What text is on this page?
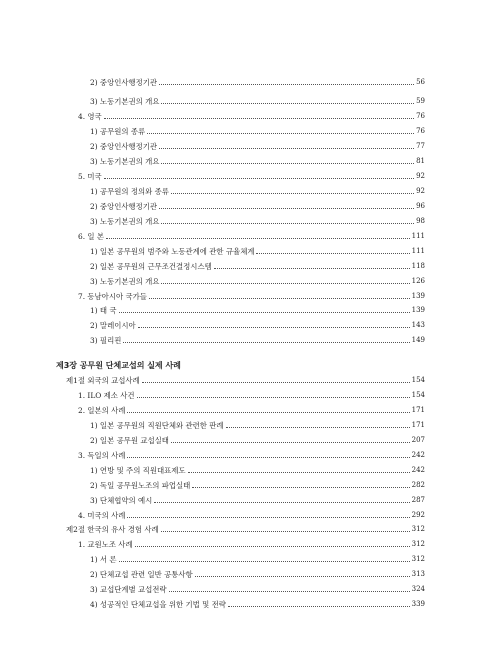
2) 중앙인사행정기관	56
3) 노동기본권의 개요	59
4. 영국	76
1) 공무원의 종류	76
2) 중앙인사행정기관	77
3) 노동기본권의 개요	81
5. 미국	92
1) 공무원의 정의와 종류	92
2) 중앙인사행정기관	96
3) 노동기본권의 개요	98
6. 일 본	111
1) 일본 공무원의 범주와 노동관계에 관한 규율체계	111
2) 일본 공무원의 근무조건결정시스템	118
3) 노동기본권의 개요	126
7. 동남아시아 국가들	139
1) 태 국	139
2) 말레이시아	143
3) 필리핀	149
제3장 공무원 단체교섭의 실제 사례
제1절 외국의 교섭사례	154
1. ILO 제소 사건	154
2. 일본의 사례	171
1) 일본 공무원의 직원단체와 관련한 판례	171
2) 일본 공무원 교섭실태	207
3. 독일의 사례	242
1) 연방 및 주의 직원대표제도	242
2) 독일 공무원노조의 파업실태	282
3) 단체협약의 예시	287
4. 미국의 사례	292
제2절 한국의 유사 경험 사례	312
1. 교원노조 사례	312
1) 서 론	312
2) 단체교섭 관련 일반 공통사항	313
3) 교섭단계별 교섭전략	324
4) 성공적인 단체교섭을 위한 기법 및 전략	339
